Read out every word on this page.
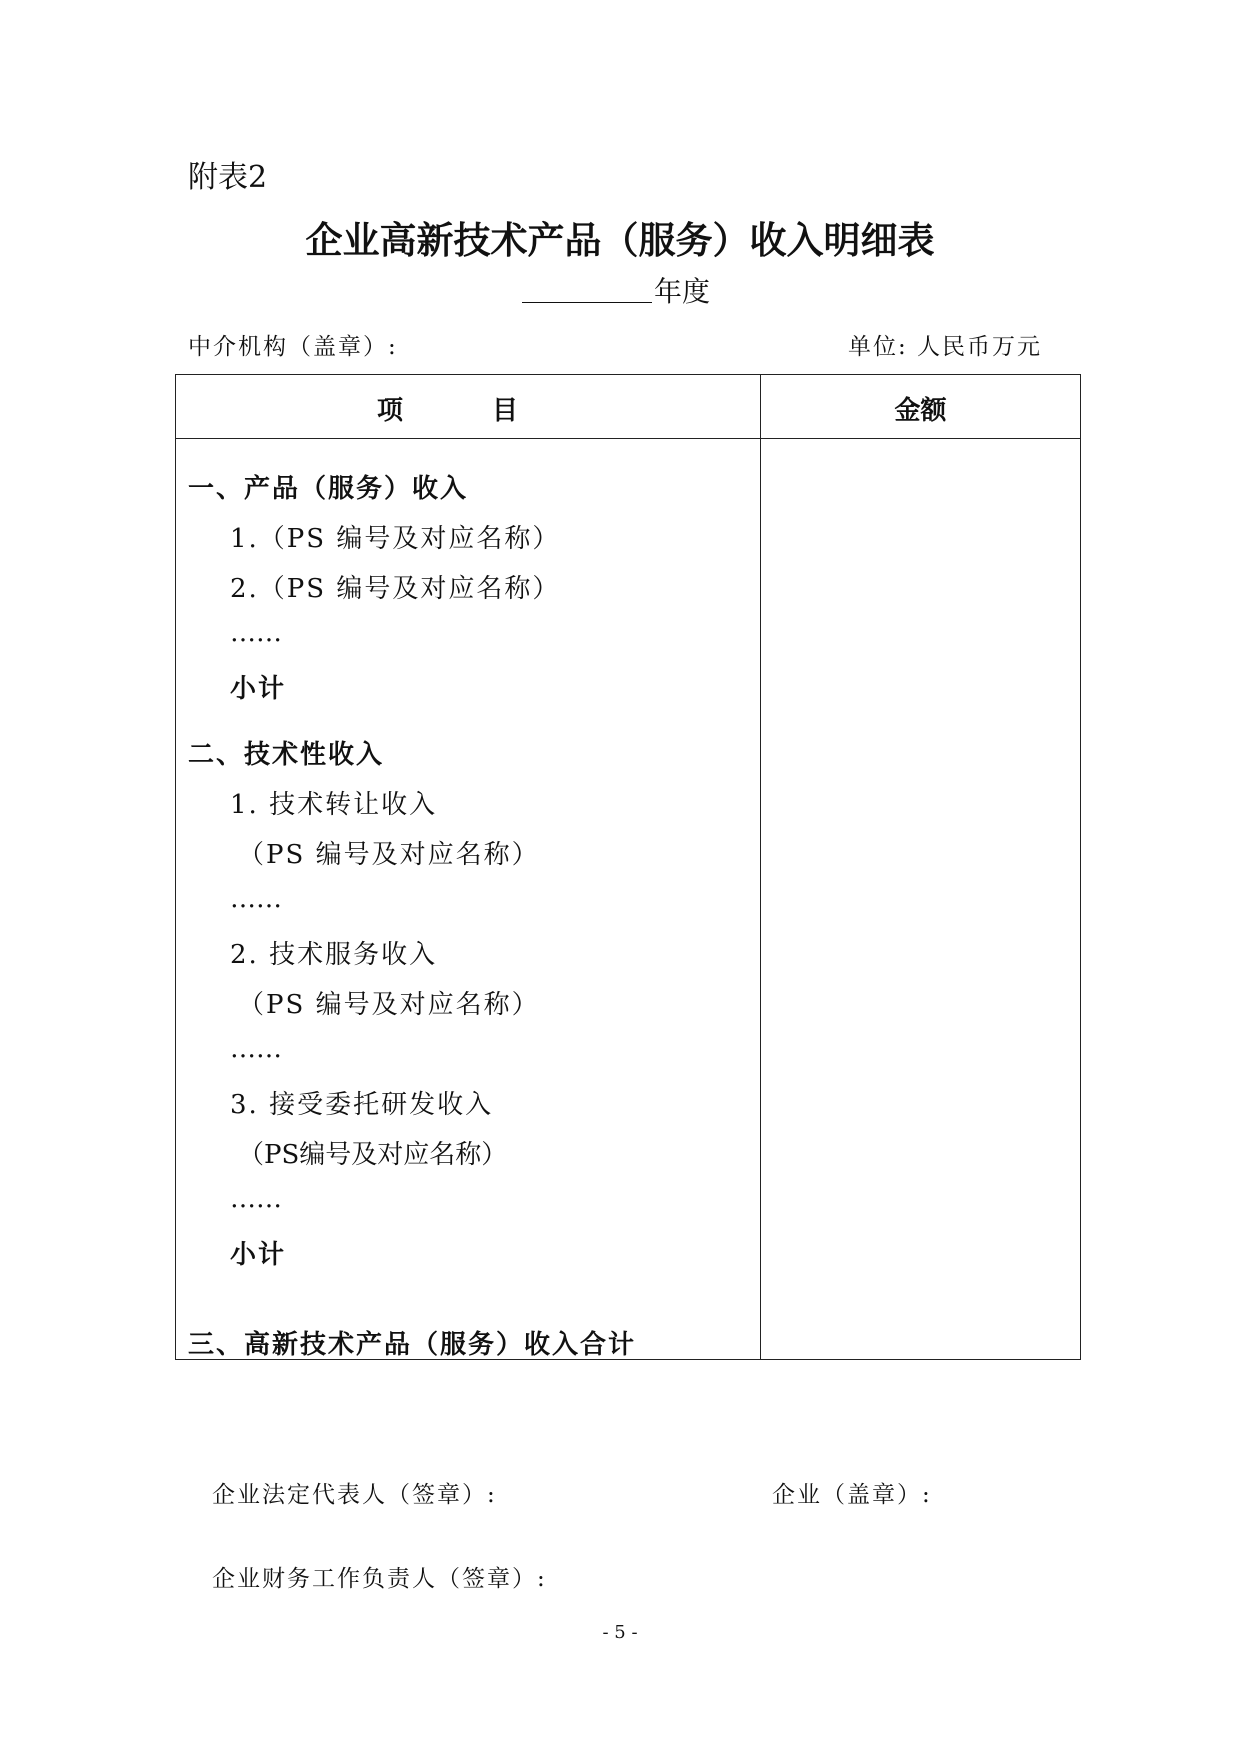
附表2
企业高新技术产品（服务）收入明细表
年度
中介机构（盖章）:	单位: 人民币万元
项 目	金额
一、产品（服务）收入
1.（PS 编号及对应名称）
2.（PS 编号及对应名称）
……
小计
二、技术性收入
1. 技术转让收入
（PS 编号及对应名称）
……
2. 技术服务收入
（PS 编号及对应名称）
……
3. 接受委托研发收入
（PS编号及对应名称）
……
小计
三、高新技术产品（服务）收入合计
企业法定代表人（签章）:	企业（盖章）:
企业财务工作负责人（签章）:
- 5 -
